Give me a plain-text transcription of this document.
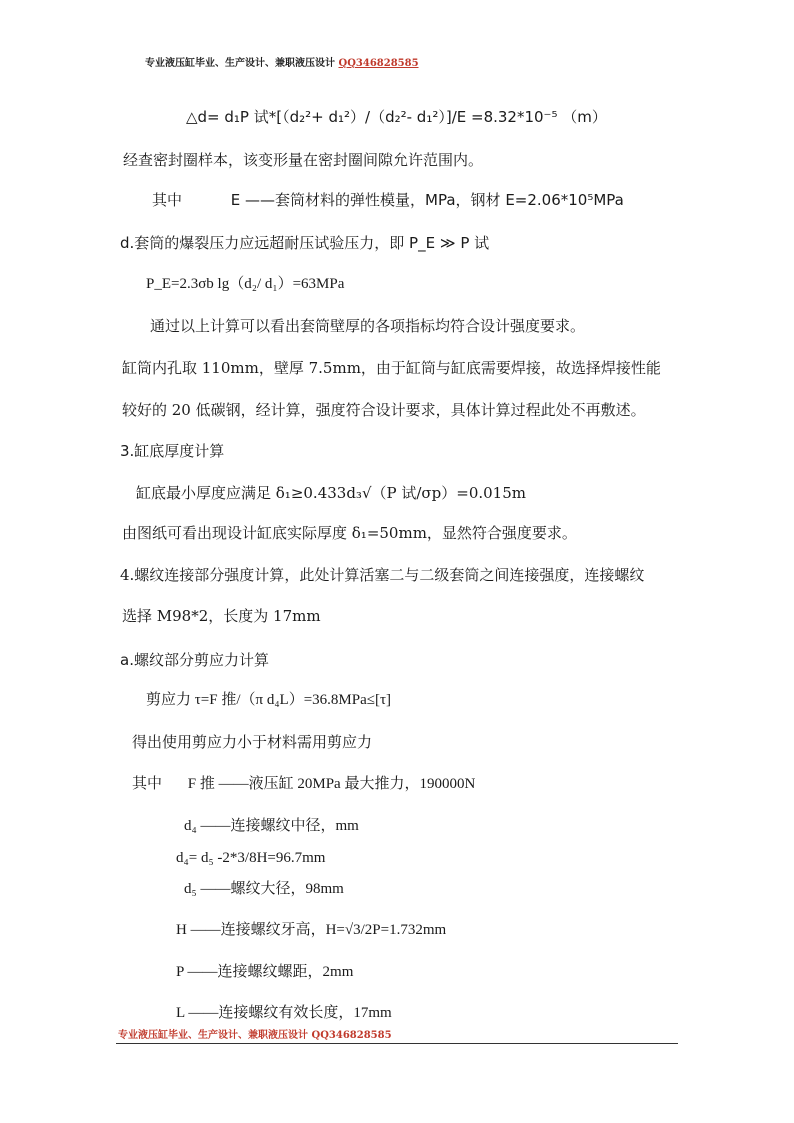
专业液压缸毕业、生产设计、兼职液压设计 QQ346828585
△d= d₁P 试*[（d₂²+ d₁²）/（d₂²- d₁²）]/E =8.32*10⁻⁵ （m）
经查密封圈样本，该变形量在密封圈间隙允许范围内。
其中	E ——套筒材料的弹性模量，MPa，钢材 E=2.06*10⁵MPa
d.套筒的爆裂压力应远超耐压试验压力，即 P_E ≫ P 试
P_E=2.3σb lg（d₂/ d₁）=63MPa
通过以上计算可以看出套筒壁厚的各项指标均符合设计强度要求。
缸筒内孔取 110mm，壁厚 7.5mm，由于缸筒与缸底需要焊接，故选择焊接性能
较好的 20 低碳钢，经计算，强度符合设计要求，具体计算过程此处不再敷述。
3.缸底厚度计算
缸底最小厚度应满足 δ₁≥0.433d₃√（P 试/σp）=0.015m
由图纸可看出现设计缸底实际厚度 δ₁=50mm，显然符合强度要求。
4.螺纹连接部分强度计算，此处计算活塞二与二级套筒之间连接强度，连接螺纹
选择 M98*2，长度为 17mm
a.螺纹部分剪应力计算
剪应力 τ=F 推/（π d₄L）=36.8MPa≤[τ]
得出使用剪应力小于材料需用剪应力
其中 F 推 ——液压缸 20MPa 最大推力，190000N
d₄ ——连接螺纹中径，mm
d₄= d₅ -2*3/8H=96.7mm
d₅ ——螺纹大径，98mm
H ——连接螺纹牙高，H=√3/2P=1.732mm
P ——连接螺纹螺距，2mm
L ——连接螺纹有效长度，17mm
专业液压缸毕业、生产设计、兼职液压设计 QQ346828585
